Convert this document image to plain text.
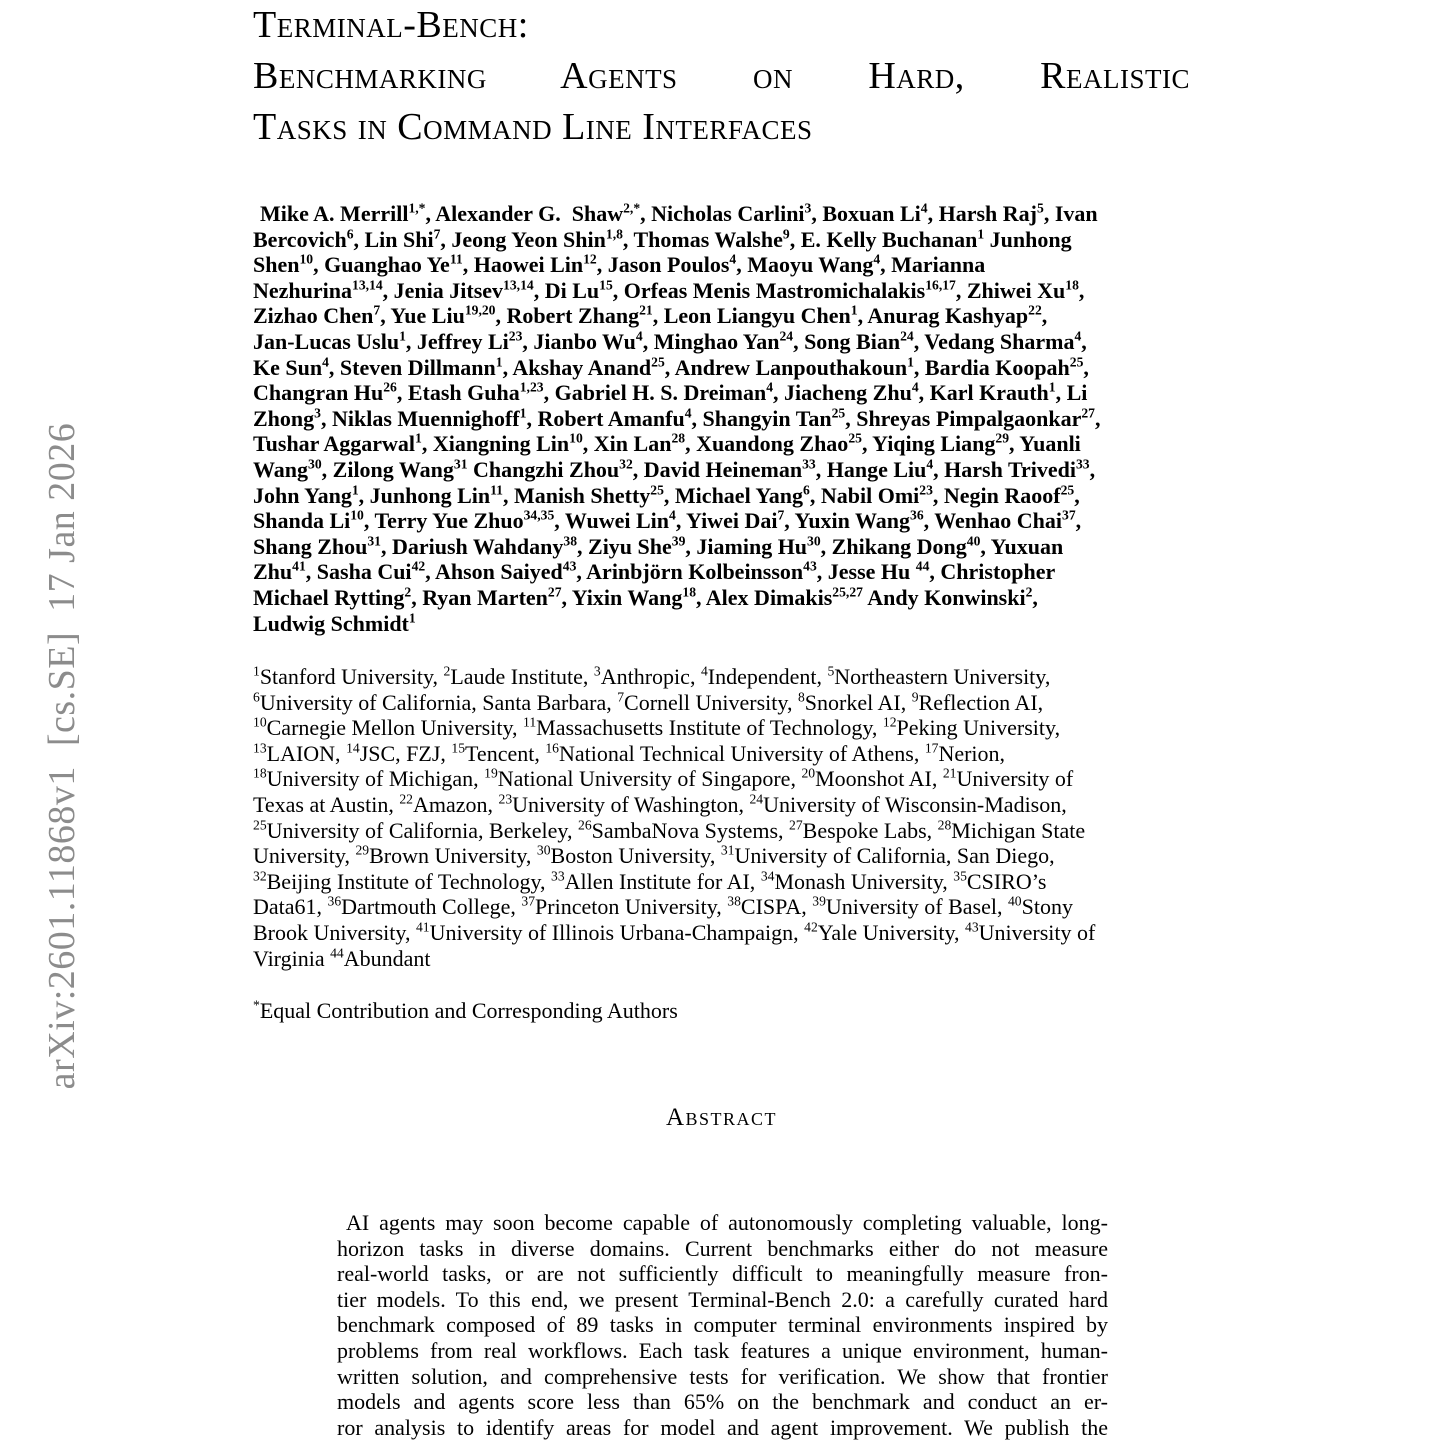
arXiv:2601.11868v1  [cs.SE]  17 Jan 2026
Terminal-Bench:
Benchmarking Agents on Hard, Realistic
Tasks in Command Line Interfaces
Mike A. Merrill$^{1,*}$, Alexander G.  Shaw$^{2,*}$, Nicholas Carlini$^3$, Boxuan Li$^4$, Harsh Raj$^5$, Ivan
Bercovich$^6$, Lin Shi$^7$, Jeong Yeon Shin$^{1,8}$, Thomas Walshe$^9$, E. Kelly Buchanan$^1$ Junhong
Shen$^{10}$, Guanghao Ye$^{11}$, Haowei Lin$^{12}$, Jason Poulos$^4$, Maoyu Wang$^4$, Marianna
Nezhurina$^{13,14}$, Jenia Jitsev$^{13,14}$, Di Lu$^{15}$, Orfeas Menis Mastromichalakis$^{16,17}$, Zhiwei Xu$^{18}$,
Zizhao Chen$^7$, Yue Liu$^{19,20}$, Robert Zhang$^{21}$, Leon Liangyu Chen$^1$, Anurag Kashyap$^{22}$,
Jan-Lucas Uslu$^1$, Jeffrey Li$^{23}$, Jianbo Wu$^4$, Minghao Yan$^{24}$, Song Bian$^{24}$, Vedang Sharma$^4$,
Ke Sun$^4$, Steven Dillmann$^1$, Akshay Anand$^{25}$, Andrew Lanpouthakoun$^1$, Bardia Koopah$^{25}$,
Changran Hu$^{26}$, Etash Guha$^{1,23}$, Gabriel H. S. Dreiman$^4$, Jiacheng Zhu$^4$, Karl Krauth$^1$, Li
Zhong$^3$, Niklas Muennighoff$^1$, Robert Amanfu$^4$, Shangyin Tan$^{25}$, Shreyas Pimpalgaonkar$^{27}$,
Tushar Aggarwal$^1$, Xiangning Lin$^{10}$, Xin Lan$^{28}$, Xuandong Zhao$^{25}$, Yiqing Liang$^{29}$, Yuanli
Wang$^{30}$, Zilong Wang$^{31}$ Changzhi Zhou$^{32}$, David Heineman$^{33}$, Hange Liu$^4$, Harsh Trivedi$^{33}$,
John Yang$^1$, Junhong Lin$^{11}$, Manish Shetty$^{25}$, Michael Yang$^6$, Nabil Omi$^{23}$, Negin Raoof$^{25}$,
Shanda Li$^{10}$, Terry Yue Zhuo$^{34,35}$, Wuwei Lin$^4$, Yiwei Dai$^7$, Yuxin Wang$^{36}$, Wenhao Chai$^{37}$,
Shang Zhou$^{31}$, Dariush Wahdany$^{38}$, Ziyu She$^{39}$, Jiaming Hu$^{30}$, Zhikang Dong$^{40}$, Yuxuan
Zhu$^{41}$, Sasha Cui$^{42}$, Ahson Saiyed$^{43}$, Arinbjörn Kolbeinsson$^{43}$, Jesse Hu $^{44}$, Christopher
Michael Rytting$^2$, Ryan Marten$^{27}$, Yixin Wang$^{18}$, Alex Dimakis$^{25,27}$ Andy Konwinski$^2$,
Ludwig Schmidt$^1$
$^1$Stanford University, $^2$Laude Institute, $^3$Anthropic, $^4$Independent, $^5$Northeastern University,
$^6$University of California, Santa Barbara, $^7$Cornell University, $^8$Snorkel AI, $^9$Reflection AI,
$^{10}$Carnegie Mellon University, $^{11}$Massachusetts Institute of Technology, $^{12}$Peking University,
$^{13}$LAION, $^{14}$JSC, FZJ, $^{15}$Tencent, $^{16}$National Technical University of Athens, $^{17}$Nerion,
$^{18}$University of Michigan, $^{19}$National University of Singapore, $^{20}$Moonshot AI, $^{21}$University of
Texas at Austin, $^{22}$Amazon, $^{23}$University of Washington, $^{24}$University of Wisconsin-Madison,
$^{25}$University of California, Berkeley, $^{26}$SambaNova Systems, $^{27}$Bespoke Labs, $^{28}$Michigan State
University, $^{29}$Brown University, $^{30}$Boston University, $^{31}$University of California, San Diego,
$^{32}$Beijing Institute of Technology, $^{33}$Allen Institute for AI, $^{34}$Monash University, $^{35}$CSIRO’s
Data61, $^{36}$Dartmouth College, $^{37}$Princeton University, $^{38}$CISPA, $^{39}$University of Basel, $^{40}$Stony
Brook University, $^{41}$University of Illinois Urbana-Champaign, $^{42}$Yale University, $^{43}$University of
Virginia $^{44}$Abundant
*Equal Contribution and Corresponding Authors
Abstract
AI agents may soon become capable of autonomously completing valuable, long-
horizon tasks in diverse domains. Current benchmarks either do not measure
real-world tasks, or are not sufficiently difficult to meaningfully measure fron-
tier models. To this end, we present Terminal-Bench 2.0: a carefully curated hard
benchmark composed of 89 tasks in computer terminal environments inspired by
problems from real workflows. Each task features a unique environment, human-
written solution, and comprehensive tests for verification. We show that frontier
models and agents score less than 65% on the benchmark and conduct an er-
ror analysis to identify areas for model and agent improvement. We publish the
